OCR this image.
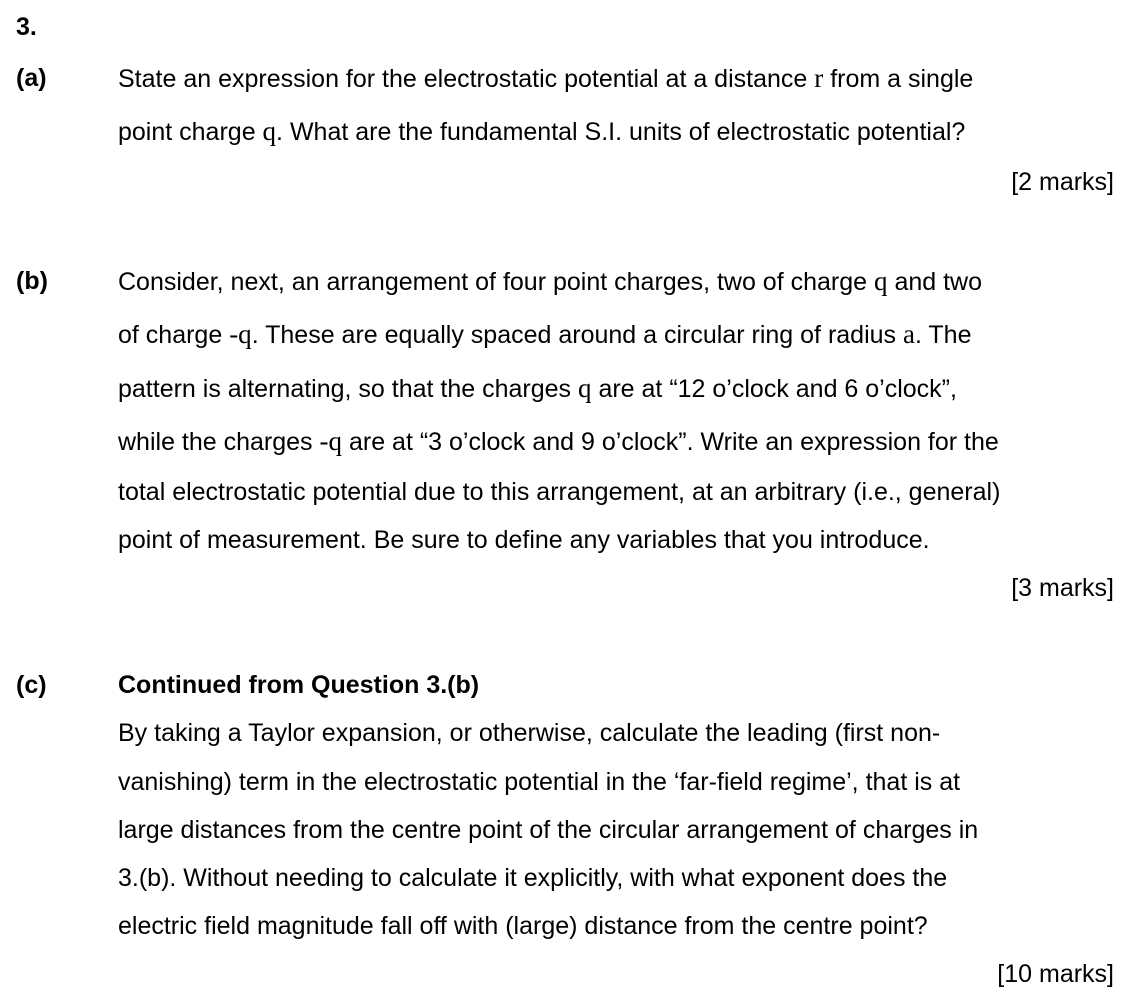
3.
(a)	State an expression for the electrostatic potential at a distance r from a single
point charge q. What are the fundamental S.I. units of electrostatic potential?
[2 marks]
(b)	Consider, next, an arrangement of four point charges, two of charge q and two
of charge -q. These are equally spaced around a circular ring of radius a. The
pattern is alternating, so that the charges q are at “12 o’clock and 6 o’clock”,
while the charges -q are at “3 o’clock and 9 o’clock”. Write an expression for the
total electrostatic potential due to this arrangement, at an arbitrary (i.e., general)
point of measurement. Be sure to define any variables that you introduce.
[3 marks]
(c)	Continued from Question 3.(b)
By taking a Taylor expansion, or otherwise, calculate the leading (first non-
vanishing) term in the electrostatic potential in the ‘far-field regime’, that is at
large distances from the centre point of the circular arrangement of charges in
3.(b). Without needing to calculate it explicitly, with what exponent does the
electric field magnitude fall off with (large) distance from the centre point?
[10 marks]
